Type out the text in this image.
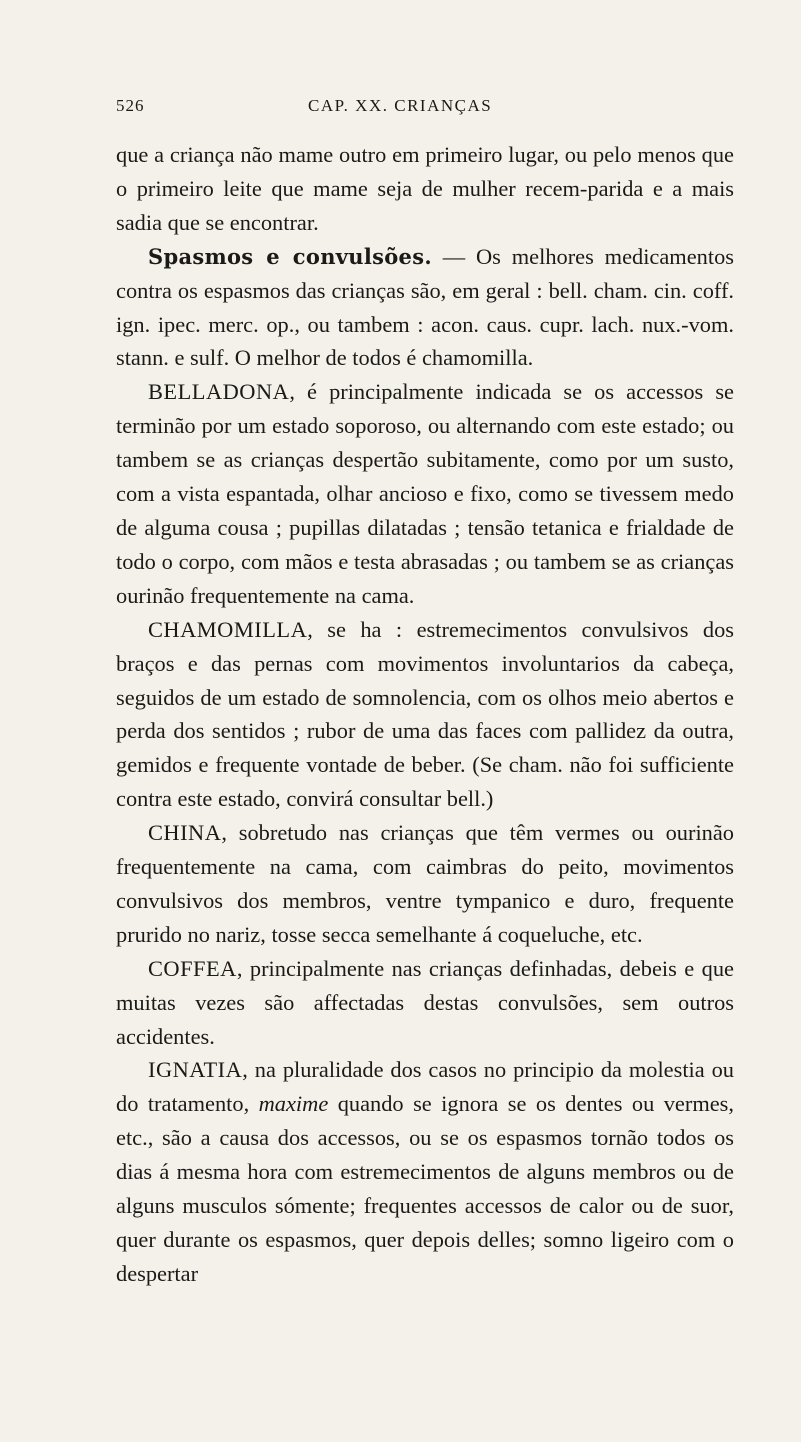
526	CAP. XX. CRIANÇAS

que a criança não mame outro em primeiro lugar, ou pelo menos que o primeiro leite que mame seja de mulher recem-parida e a mais sadia que se encontrar.

Spasmos e convulsões. — Os melhores medicamentos contra os espasmos das crianças são, em geral : bell. cham. cin. coff. ign. ipec. merc. op., ou tambem : acon. caus. cupr. lach. nux.-vom. stann. e sulf. O melhor de todos é chamomilla.

BELLADONA, é principalmente indicada se os accessos se terminão por um estado soporoso, ou alternando com este estado; ou tambem se as crianças despertão subitamente, como por um susto, com a vista espantada, olhar ancioso e fixo, como se tivessem medo de alguma cousa ; pupillas dilatadas ; tensão tetanica e frialdade de todo o corpo, com mãos e testa abrasadas ; ou tambem se as crianças ourinão frequentemente na cama.

CHAMOMILLA, se ha : estremecimentos convulsivos dos braços e das pernas com movimentos involuntarios da cabeça, seguidos de um estado de somnolencia, com os olhos meio abertos e perda dos sentidos ; rubor de uma das faces com pallidez da outra, gemidos e frequente vontade de beber. (Se cham. não foi sufficiente contra este estado, convirá consultar bell.)

CHINA, sobretudo nas crianças que têm vermes ou ourinão frequentemente na cama, com caimbras do peito, movimentos convulsivos dos membros, ventre tympanico e duro, frequente prurido no nariz, tosse secca semelhante á coqueluche, etc.

COFFEA, principalmente nas crianças definhadas, debeis e que muitas vezes são affectadas destas convulsões, sem outros accidentes.

IGNATIA, na pluralidade dos casos no principio da molestia ou do tratamento, maxime quando se ignora se os dentes ou vermes, etc., são a causa dos accessos, ou se os espasmos tornão todos os dias á mesma hora com estremecimentos de alguns membros ou de alguns musculos sómente; frequentes accessos de calor ou de suor, quer durante os espasmos, quer depois delles; somno ligeiro com o despertar
